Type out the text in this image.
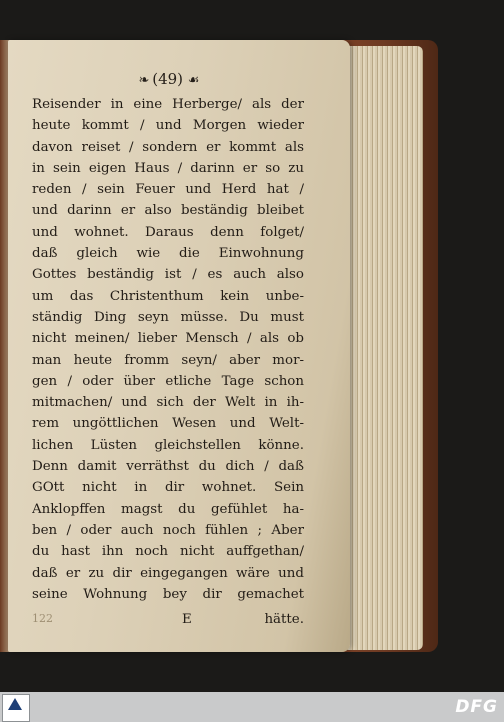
❧ (49) ☙
Reisender in eine Herberge/ als der
heute kommt / und Morgen wieder
davon reiset / sondern er kommt als
in sein eigen Haus / darinn er so zu
reden / sein Feuer und Herd hat /
und darinn er also beständig bleibet
und wohnet. Daraus denn folget/
daß gleich wie die Einwohnung
Gottes beständig ist / es auch also
um das Christenthum kein unbe-
ständig Ding seyn müsse. Du must
nicht meinen/ lieber Mensch / als ob
man heute fromm seyn/ aber mor-
gen / oder über etliche Tage schon
mitmachen/ und sich der Welt in ih-
rem ungöttlichen Wesen und Welt-
lichen Lüsten gleichstellen könne.
Denn damit verräthst du dich / daß
GOtt nicht in dir wohnet. Sein
Anklopffen magst du gefühlet ha-
ben / oder auch noch fühlen ; Aber
du hast ihn noch nicht auffgethan/
daß er zu dir eingegangen wäre und
seine Wohnung bey dir gemachet
122	E	hätte.
DFG
